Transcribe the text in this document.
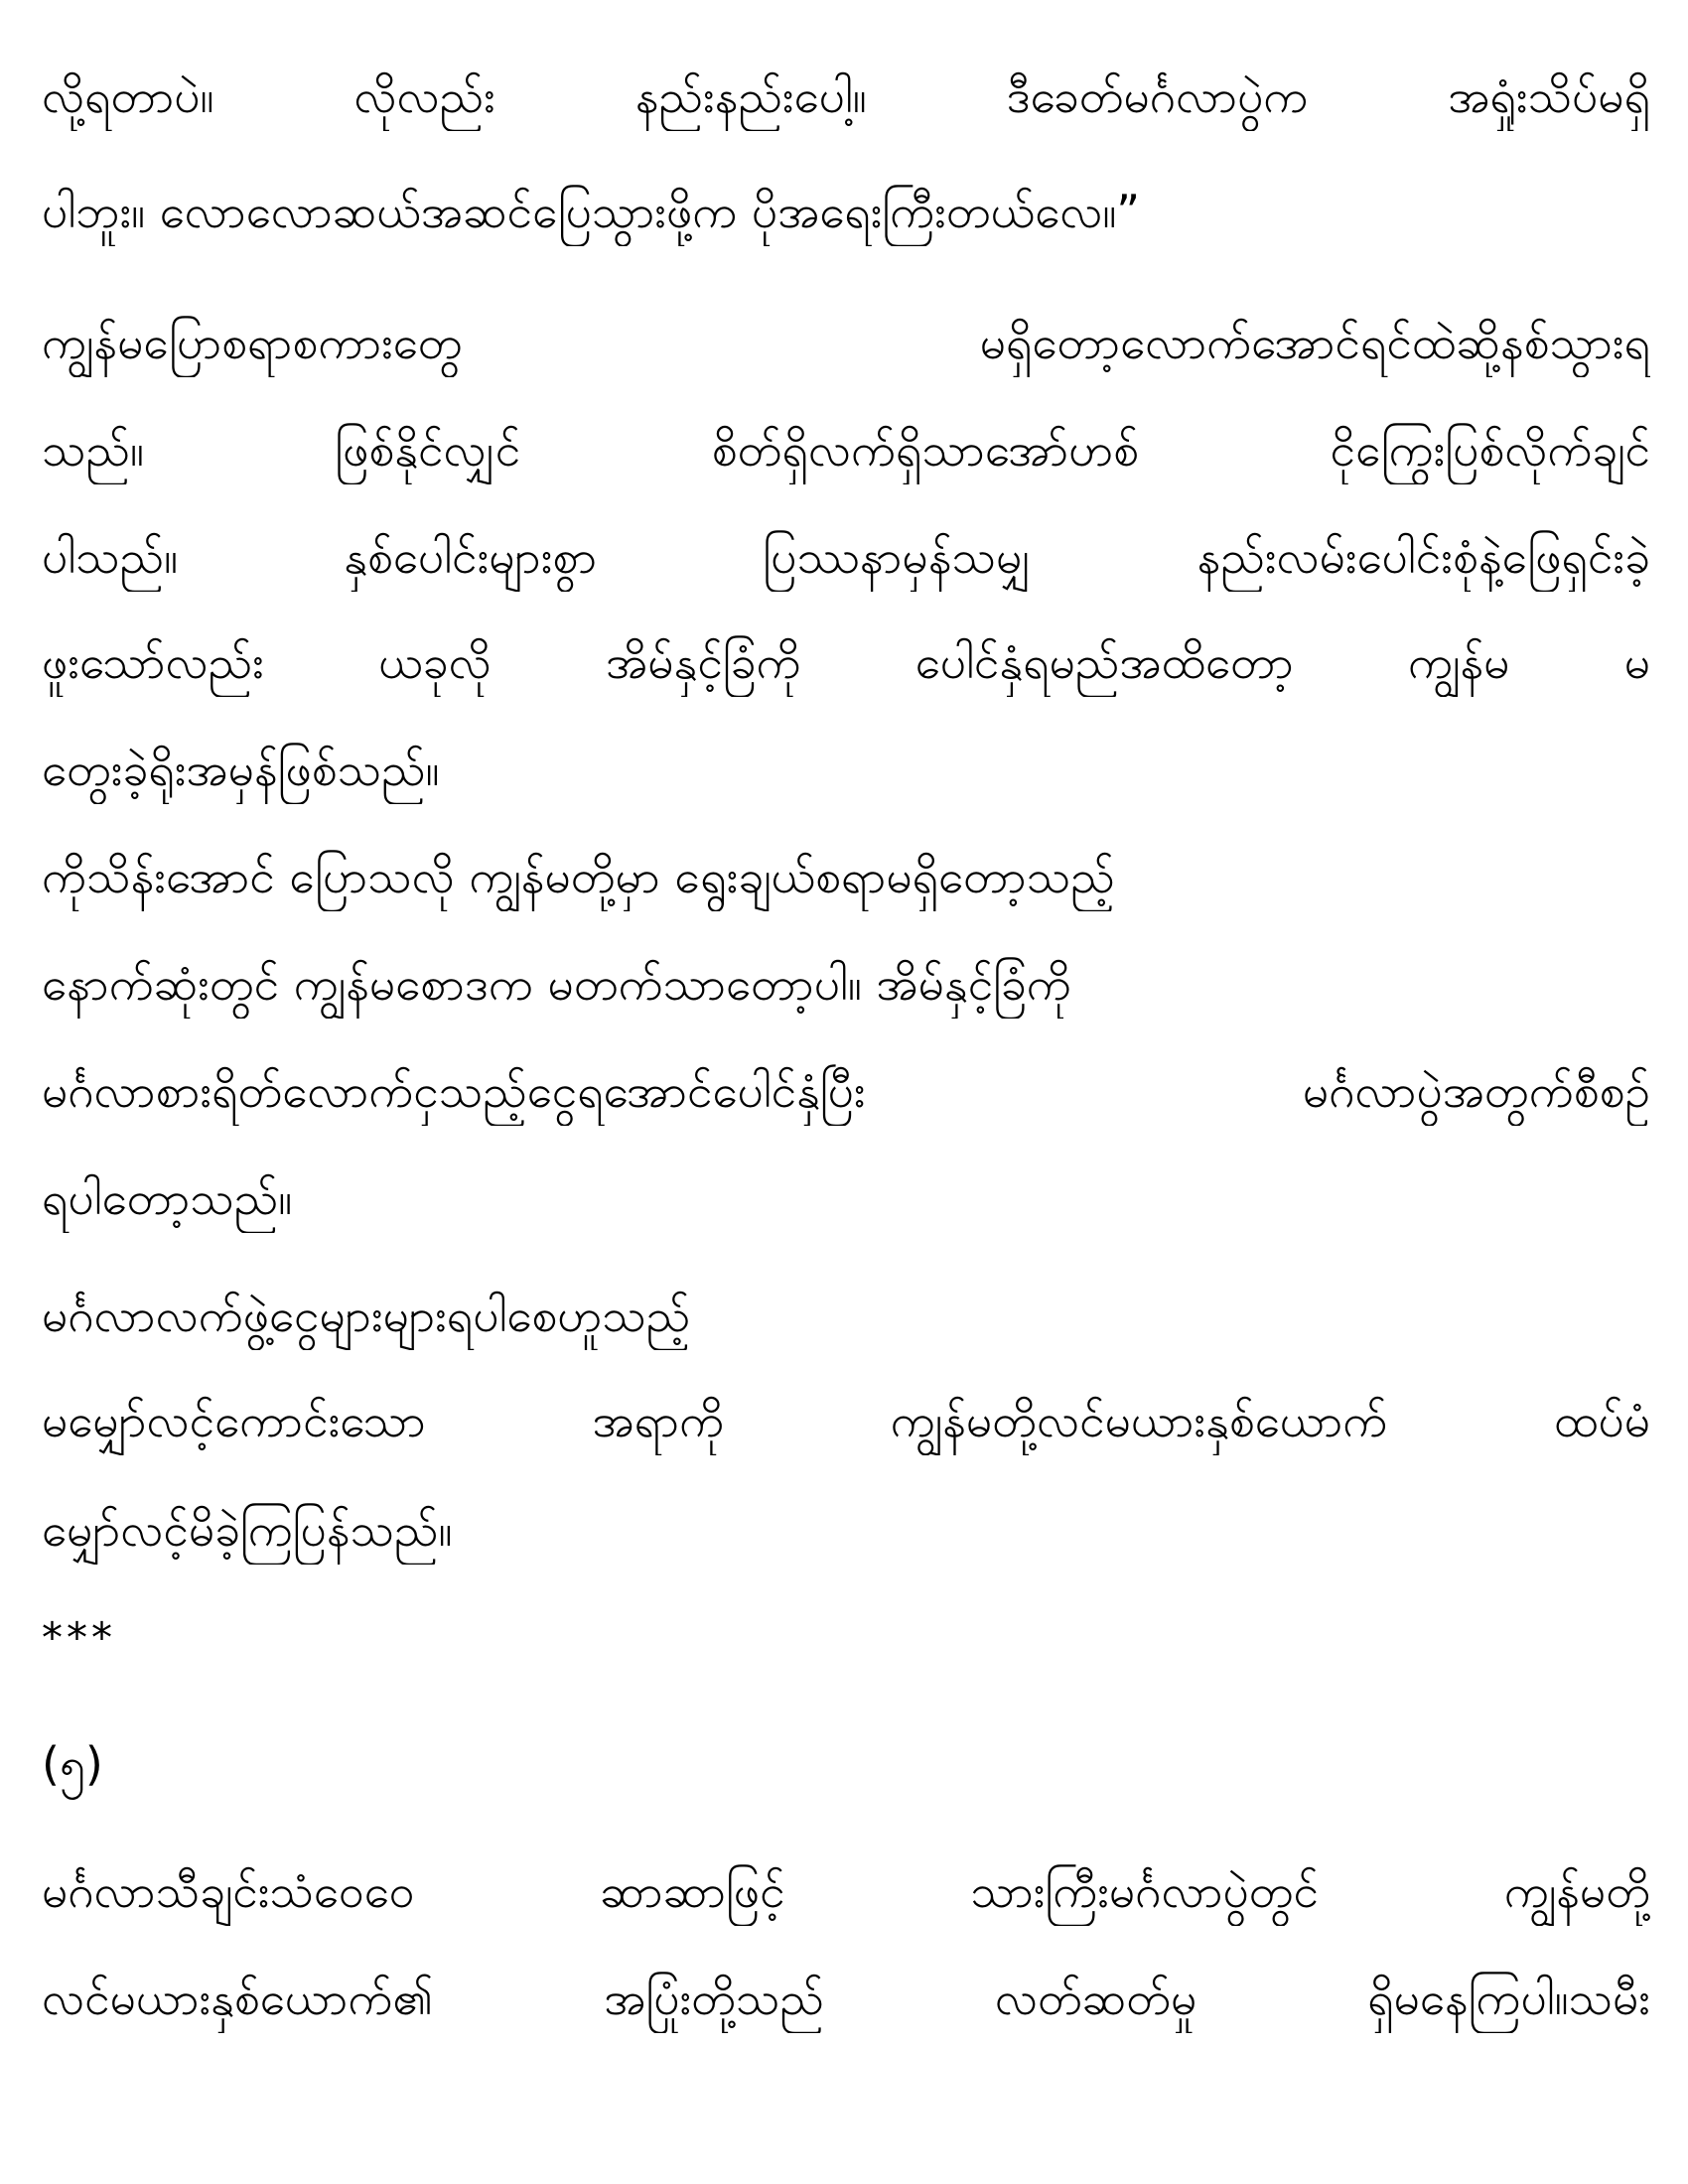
လို့ရတာပဲ။ လိုလည်း နည်းနည်းပေါ့။ ဒီခေတ်မင်္ဂလာပွဲက အရှုံးသိပ်မရှိ
ပါဘူး။ လောလောဆယ်အဆင်ပြေသွားဖို့က ပိုအရေးကြီးတယ်လေ။”
ကျွန်မပြောစရာစကားတွေ မရှိတော့လောက်အောင်ရင်ထဲဆို့နစ်သွားရ
သည်။ ဖြစ်နိုင်လျှင် စိတ်ရှိလက်ရှိသာအော်ဟစ် ငိုကြွေးပြစ်လိုက်ချင်
ပါသည်။ နှစ်ပေါင်းများစွာ ပြဿနာမှန်သမျှ နည်းလမ်းပေါင်းစုံနဲ့ဖြေရှင်းခဲ့
ဖူးသော်လည်း ယခုလို အိမ်နှင့်ခြံကို ပေါင်နှံရမည်အထိတော့ ကျွန်မ မ
တွေးခဲ့ရိုးအမှန်ဖြစ်သည်။
ကိုသိန်းအောင် ပြောသလို ကျွန်မတို့မှာ ရွေးချယ်စရာမရှိတော့သည့်
နောက်ဆုံးတွင် ကျွန်မစောဒက မတက်သာတော့ပါ။ အိမ်နှင့်ခြံကို
မင်္ဂလာစားရိတ်လောက်ငှသည့်ငွေရအောင်ပေါင်နှံပြီး မင်္ဂလာပွဲအတွက်စီစဉ်
ရပါတော့သည်။
မင်္ဂလာလက်ဖွဲ့ငွေများများရပါစေဟူသည့်
မမျှော်လင့်ကောင်းသော အရာကို ကျွန်မတို့လင်မယားနှစ်ယောက် ထပ်မံ
မျှော်လင့်မိခဲ့ကြပြန်သည်။
***
(၅)
မင်္ဂလာသီချင်းသံဝေဝေ ဆာဆာဖြင့် သားကြီးမင်္ဂလာပွဲတွင် ကျွန်မတို့
လင်မယားနှစ်ယောက်၏ အပြုံးတို့သည် လတ်ဆတ်မှု ရှိမနေကြပါ။သမီး
